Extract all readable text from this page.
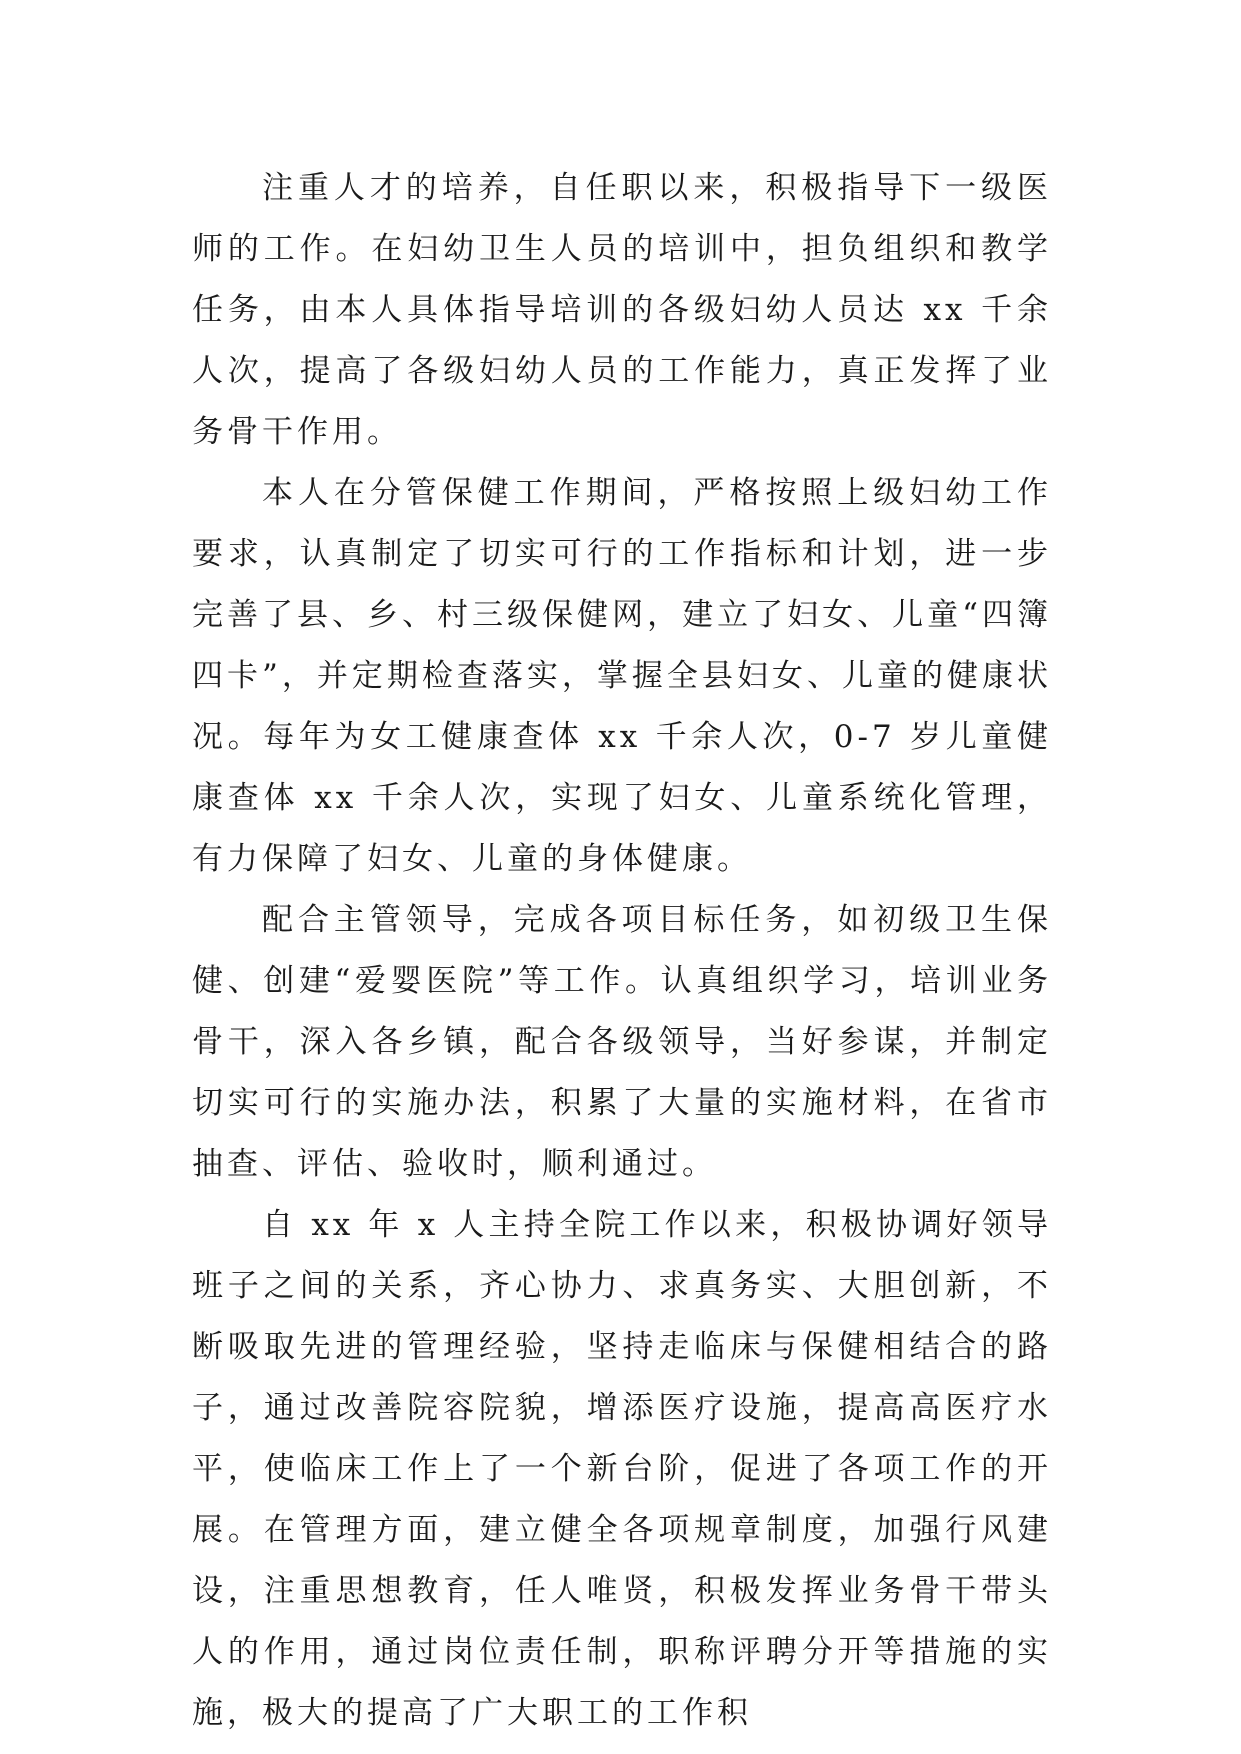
注重人才的培养，自任职以来，积极指导下一级医师的工作。在妇幼卫生人员的培训中，担负组织和教学任务，由本人具体指导培训的各级妇幼人员达 xx 千余人次，提高了各级妇幼人员的工作能力，真正发挥了业务骨干作用。

本人在分管保健工作期间，严格按照上级妇幼工作要求，认真制定了切实可行的工作指标和计划，进一步完善了县、乡、村三级保健网，建立了妇女、儿童“四簿四卡”，并定期检查落实，掌握全县妇女、儿童的健康状况。每年为女工健康查体 xx 千余人次，0-7 岁儿童健康查体 xx 千余人次，实现了妇女、儿童系统化管理，有力保障了妇女、儿童的身体健康。

配合主管领导，完成各项目标任务，如初级卫生保健、创建“爱婴医院”等工作。认真组织学习，培训业务骨干，深入各乡镇，配合各级领导，当好参谋，并制定切实可行的实施办法，积累了大量的实施材料，在省市抽查、评估、验收时，顺利通过。

自 xx 年 x 人主持全院工作以来，积极协调好领导班子之间的关系，齐心协力、求真务实、大胆创新，不断吸取先进的管理经验，坚持走临床与保健相结合的路子，通过改善院容院貌，增添医疗设施，提高高医疗水平，使临床工作上了一个新台阶，促进了各项工作的开展。在管理方面，建立健全各项规章制度，加强行风建设，注重思想教育，任人唯贤，积极发挥业务骨干带头人的作用，通过岗位责任制，职称评聘分开等措施的实施，极大的提高了广大职工的工作积
